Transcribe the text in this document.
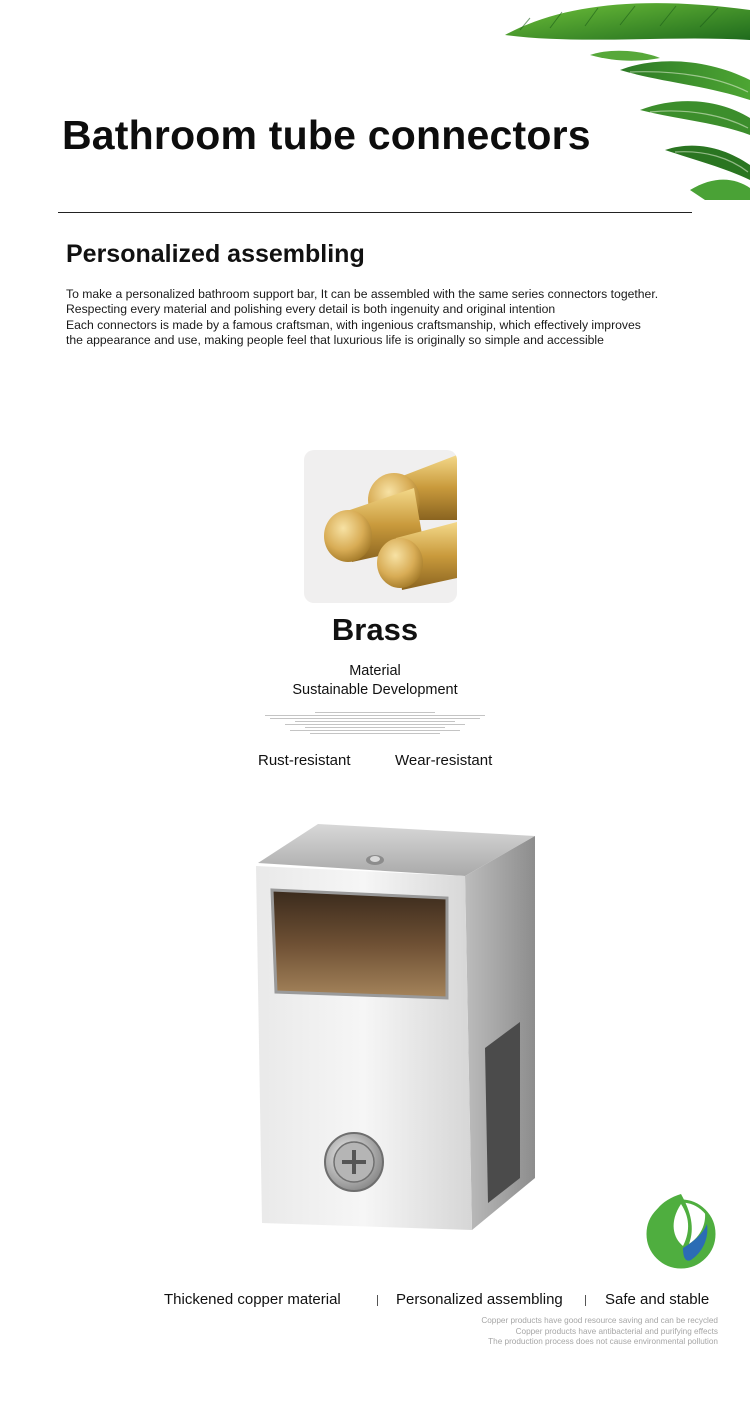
Bathroom tube connectors
Personalized assembling
To make a personalized bathroom support bar, It can be assembled with the same series connectors together.
Respecting every material and polishing every detail is both ingenuity and original intention
Each connectors is made by a famous craftsman, with ingenious craftsmanship, which effectively improves
the appearance and use, making people feel that luxurious life is originally so simple and accessible
Brass
Material
Sustainable Development
Rust-resistant	Wear-resistant
Thickened copper material	Personalized assembling	Safe and stable
Copper products have good resource saving and can be recycled
Copper products have antibacterial and purifying effects
The production process does not cause environmental pollution
